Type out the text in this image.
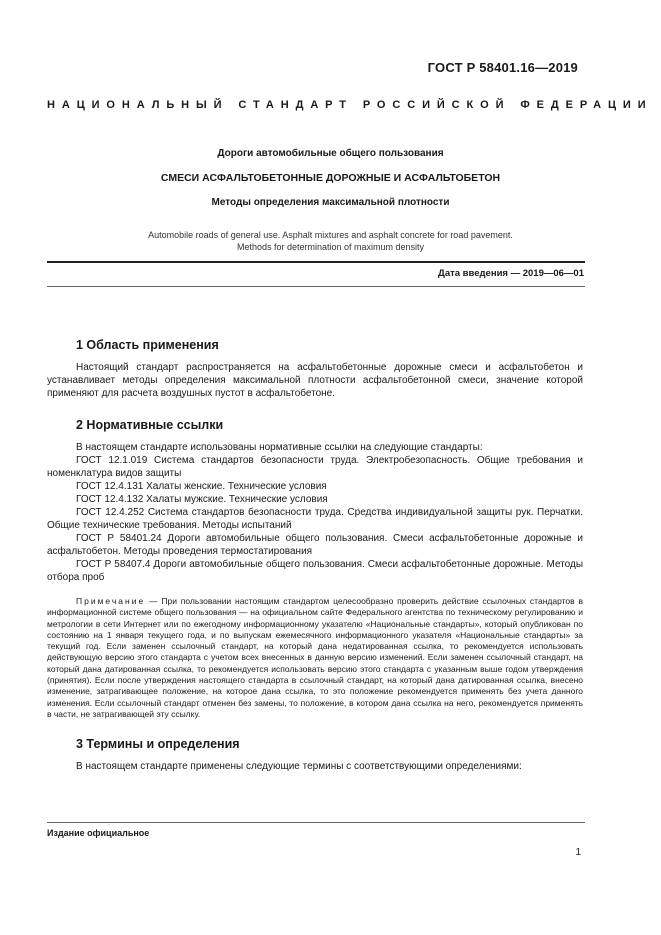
ГОСТ Р 58401.16—2019
НАЦИОНАЛЬНЫЙ СТАНДАРТ РОССИЙСКОЙ ФЕДЕРАЦИИ
Дороги автомобильные общего пользования
СМЕСИ АСФАЛЬТОБЕТОННЫЕ ДОРОЖНЫЕ И АСФАЛЬТОБЕТОН
Методы определения максимальной плотности
Automobile roads of general use. Asphalt mixtures and asphalt concrete for road pavement.
Methods for determination of maximum density
Дата введения — 2019—06—01
1 Область применения

Настоящий стандарт распространяется на асфальтобетонные дорожные смеси и асфальтобетон и устанавливает методы определения максимальной плотности асфальтобетонной смеси, значение которой применяют для расчета воздушных пустот в асфальтобетоне.

2 Нормативные ссылки

В настоящем стандарте использованы нормативные ссылки на следующие стандарты:

ГОСТ 12.1.019 Система стандартов безопасности труда. Электробезопасность. Общие требования и номенклатура видов защиты

ГОСТ 12.4.131 Халаты женские. Технические условия

ГОСТ 12.4.132 Халаты мужские. Технические условия

ГОСТ 12.4.252 Система стандартов безопасности труда. Средства индивидуальной защиты рук. Перчатки. Общие технические требования. Методы испытаний

ГОСТ Р 58401.24 Дороги автомобильные общего пользования. Смеси асфальтобетонные дорожные и асфальтобетон. Методы проведения термостатирования

ГОСТ Р 58407.4 Дороги автомобильные общего пользования. Смеси асфальтобетонные дорожные. Методы отбора проб

Примечание — При пользовании настоящим стандартом целесообразно проверить действие ссылочных стандартов в информационной системе общего пользования — на официальном сайте Федерального агентства по техническому регулированию и метрологии в сети Интернет или по ежегодному информационному указателю «Национальные стандарты», который опубликован по состоянию на 1 января текущего года, и по выпускам ежемесячного информационного указателя «Национальные стандарты» за текущий год. Если заменен ссылочный стандарт, на который дана недатированная ссылка, то рекомендуется использовать действующую версию этого стандарта с учетом всех внесенных в данную версию изменений. Если заменен ссылочный стандарт, на который дана датированная ссылка, то рекомендуется использовать версию этого стандарта с указанным выше годом утверждения (принятия). Если после утверждения настоящего стандарта в ссылочный стандарт, на который дана датированная ссылка, внесено изменение, затрагивающее положение, на которое дана ссылка, то это положение рекомендуется применять без учета данного изменения. Если ссылочный стандарт отменен без замены, то положение, в котором дана ссылка на него, рекомендуется применять в части, не затрагивающей эту ссылку.

3 Термины и определения

В настоящем стандарте применены следующие термины с соответствующими определениями:

Издание официальное
1
